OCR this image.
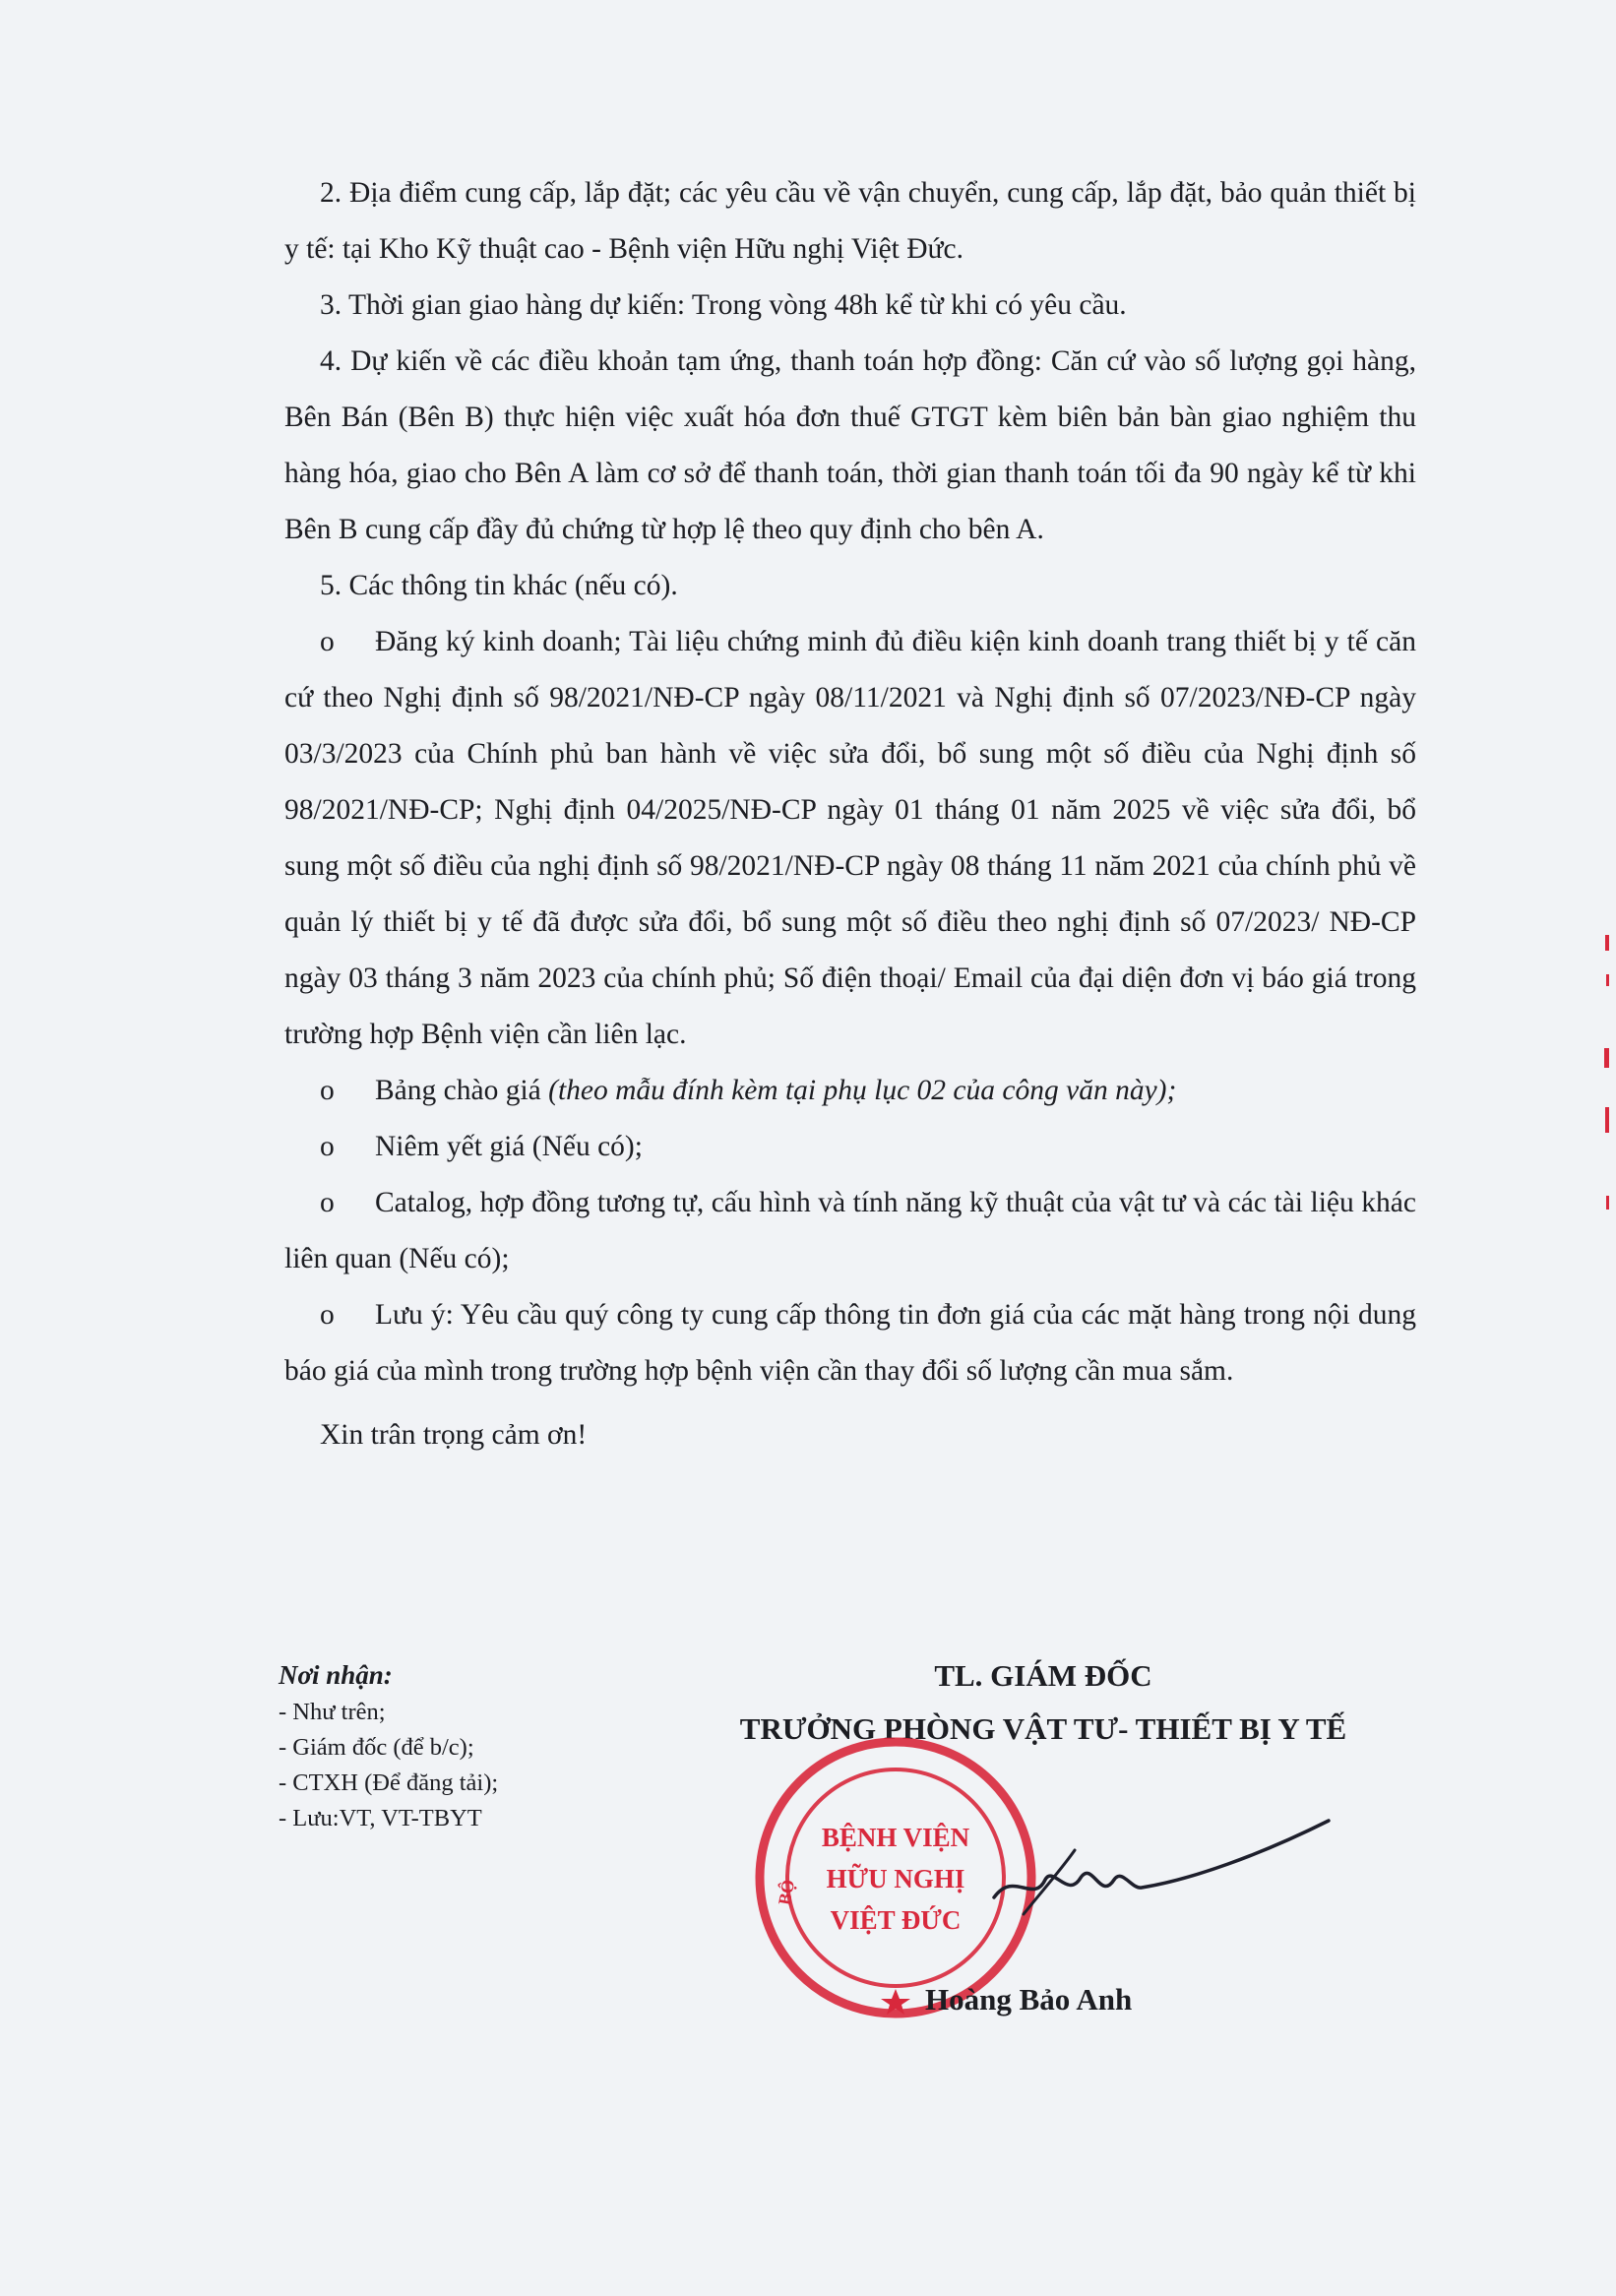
2. Địa điểm cung cấp, lắp đặt; các yêu cầu về vận chuyển, cung cấp, lắp đặt, bảo quản thiết bị y tế: tại Kho Kỹ thuật cao - Bệnh viện Hữu nghị Việt Đức.

3. Thời gian giao hàng dự kiến: Trong vòng 48h kể từ khi có yêu cầu.

4. Dự kiến về các điều khoản tạm ứng, thanh toán hợp đồng: Căn cứ vào số lượng gọi hàng, Bên Bán (Bên B) thực hiện việc xuất hóa đơn thuế GTGT kèm biên bản bàn giao nghiệm thu hàng hóa, giao cho Bên A làm cơ sở để thanh toán, thời gian thanh toán tối đa 90 ngày kể từ khi Bên B cung cấp đầy đủ chứng từ hợp lệ theo quy định cho bên A.

5. Các thông tin khác (nếu có).

o Đăng ký kinh doanh; Tài liệu chứng minh đủ điều kiện kinh doanh trang thiết bị y tế căn cứ theo Nghị định số 98/2021/NĐ-CP ngày 08/11/2021 và Nghị định số 07/2023/NĐ-CP ngày 03/3/2023 của Chính phủ ban hành về việc sửa đổi, bổ sung một số điều của Nghị định số 98/2021/NĐ-CP; Nghị định 04/2025/NĐ-CP ngày 01 tháng 01 năm 2025 về việc sửa đổi, bổ sung một số điều của nghị định số 98/2021/NĐ-CP ngày 08 tháng 11 năm 2021 của chính phủ về quản lý thiết bị y tế đã được sửa đổi, bổ sung một số điều theo nghị định số 07/2023/ NĐ-CP ngày 03 tháng 3 năm 2023 của chính phủ; Số điện thoại/ Email của đại diện đơn vị báo giá trong trường hợp Bệnh viện cần liên lạc.

o Bảng chào giá (theo mẫu đính kèm tại phụ lục 02 của công văn này);

o Niêm yết giá (Nếu có);

o Catalog, hợp đồng tương tự, cấu hình và tính năng kỹ thuật của vật tư và các tài liệu khác liên quan (Nếu có);

o Lưu ý: Yêu cầu quý công ty cung cấp thông tin đơn giá của các mặt hàng trong nội dung báo giá của mình trong trường hợp bệnh viện cần thay đổi số lượng cần mua sắm.

Xin trân trọng cảm ơn!

Nơi nhận:
- Như trên;
- Giám đốc (để b/c);
- CTXH (Để đăng tải);
- Lưu:VT, VT-TBYT
TL. GIÁM ĐỐC
TRƯỞNG PHÒNG VẬT TƯ- THIẾT BỊ Y TẾ
BỆNH VIỆN
HỮU NGHỊ
VIỆT ĐỨC
BỘ
Hoàng Bảo Anh
